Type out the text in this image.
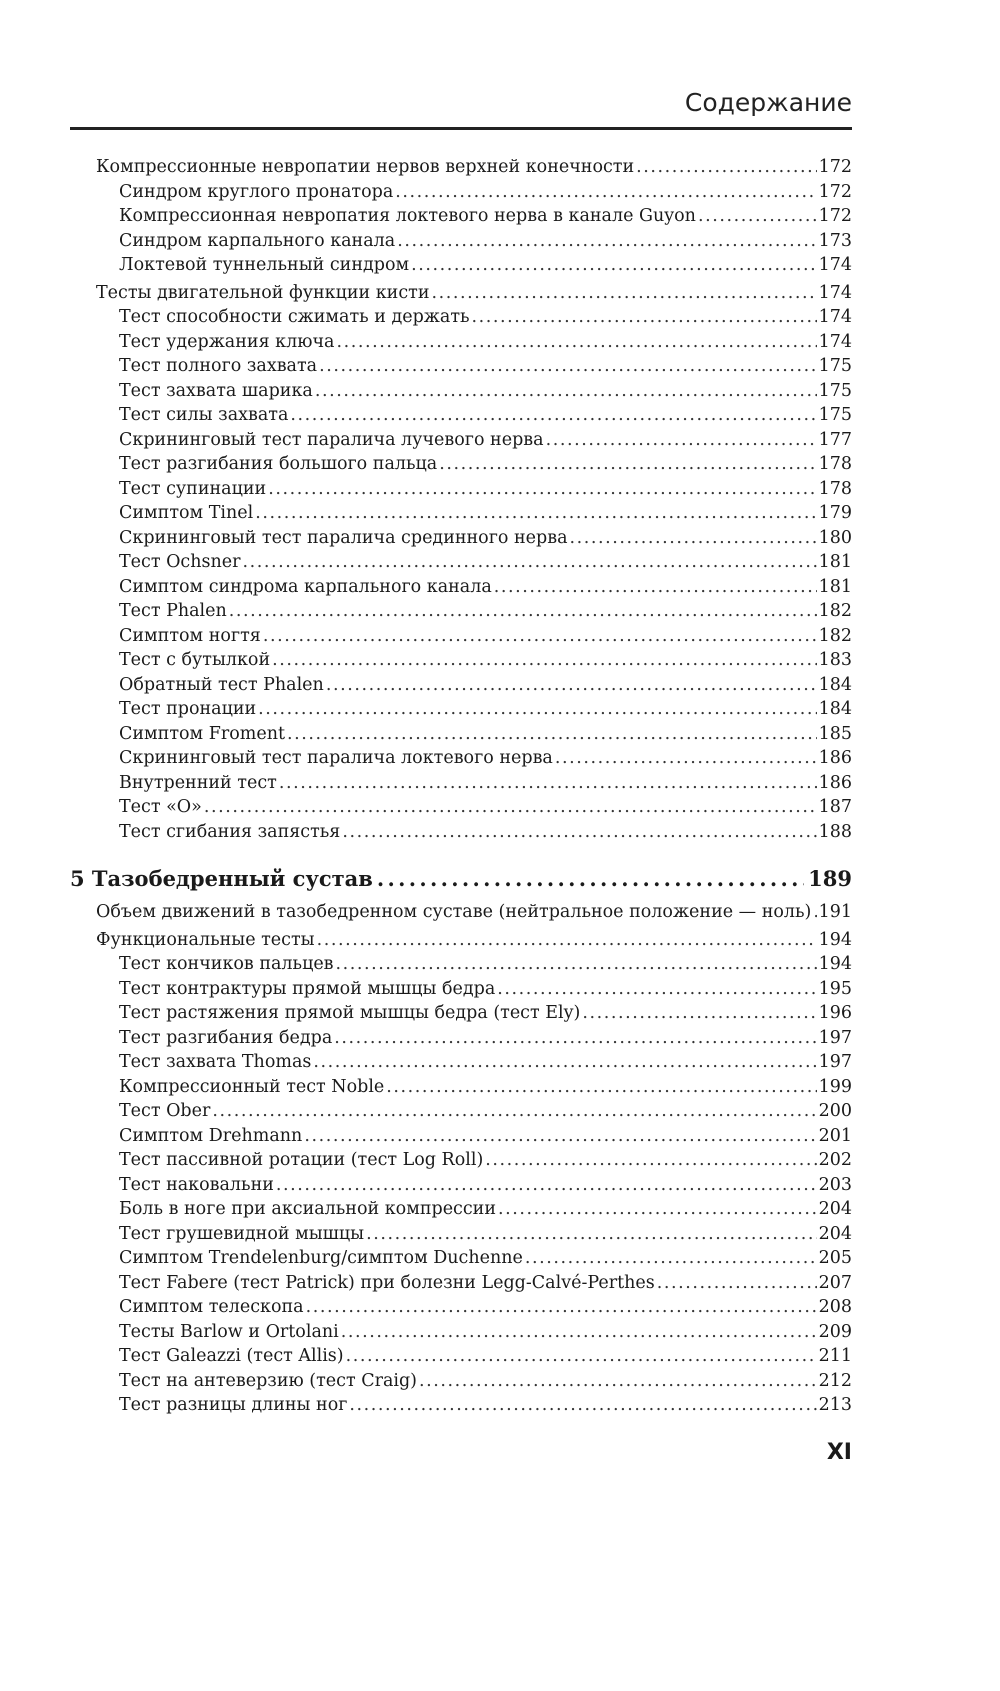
Содержание
Компрессионные невропатии нервов верхней конечности . . .	172
Синдром круглого пронатора . . .	172
Компрессионная невропатия локтевого нерва в канале Guyon . . .	172
Синдром карпального канала . . .	173
Локтевой туннельный синдром . . .	174
Тесты двигательной функции кисти . . .	174
Тест способности сжимать и держать . . .	174
Тест удержания ключа . . .	174
Тест полного захвата . . .	175
Тест захвата шарика . . .	175
Тест силы захвата . . .	175
Скрининговый тест паралича лучевого нерва . . .	177
Тест разгибания большого пальца . . .	178
Тест супинации . . .	178
Симптом Tinel . . .	179
Скрининговый тест паралича срединного нерва . . .	180
Тест Ochsner . . .	181
Симптом синдрома карпального канала . . .	181
Тест Phalen . . .	182
Симптом ногтя . . .	182
Тест с бутылкой . . .	183
Обратный тест Phalen . . .	184
Тест пронации . . .	184
Симптом Froment . . .	185
Скрининговый тест паралича локтевого нерва . . .	186
Внутренний тест . . .	186
Тест «О» . . .	187
Тест сгибания запястья . . .	188
5 Тазобедренный сустав . . .	189
Объем движений в тазобедренном суставе (нейтральное положение — ноль) . . . 191
Функциональные тесты . . .	194
Тест кончиков пальцев . . .	194
Тест контрактуры прямой мышцы бедра . . .	195
Тест растяжения прямой мышцы бедра (тест Ely) . . .	196
Тест разгибания бедра . . .	197
Тест захвата Thomas . . .	197
Компрессионный тест Noble . . .	199
Тест Ober . . .	200
Симптом Drehmann . . .	201
Тест пассивной ротации (тест Log Roll) . . .	202
Тест наковальни . . .	203
Боль в ноге при аксиальной компрессии . . .	204
Тест грушевидной мышцы . . .	204
Симптом Trendelenburg/симптом Duchenne . . .	205
Тест Fabere (тест Patrick) при болезни Legg-Calvé-Perthes . . .	207
Симптом телескопа . . .	208
Тесты Barlow и Ortolani . . .	209
Тест Galeazzi (тест Allis) . . .	211
Тест на антеверзию (тест Craig) . . .	212
Тест разницы длины ног . . .	213
XI
